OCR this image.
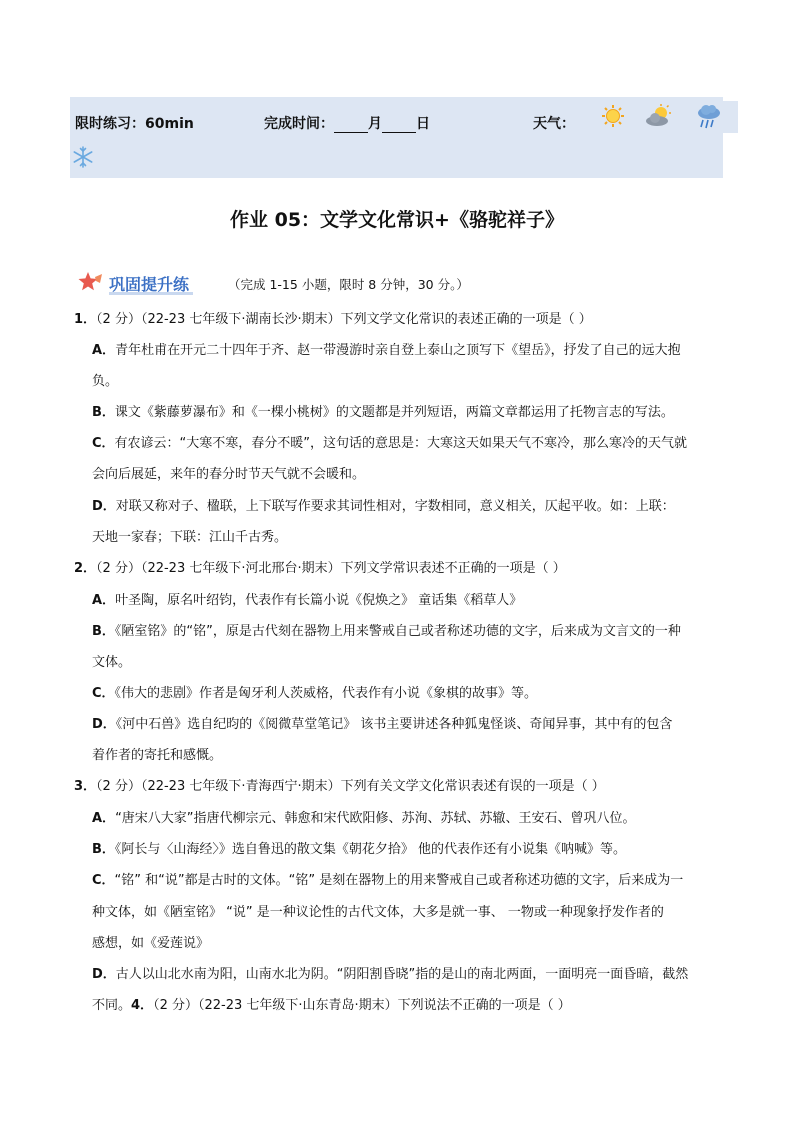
限时练习：60min	完成时间： 月 日	天气：
作业 05：文学文化常识+《骆驼祥子》
巩固提升练	（完成 1-15 小题，限时 8 分钟，30 分。）
1．（2 分）（22-23 七年级下·湖南长沙·期末）下列文学文化常识的表述正确的一项是（ ）
A．青年杜甫在开元二十四年于齐、赵一带漫游时亲自登上泰山之顶写下《望岳》，抒发了自己的远大抱
负。
B．课文《紫藤萝瀑布》和《一棵小桃树》的文题都是并列短语，两篇文章都运用了托物言志的写法。
C．有农谚云：“大寒不寒，春分不暖”，这句话的意思是：大寒这天如果天气不寒冷，那么寒冷的天气就
会向后展延，来年的春分时节天气就不会暖和。
D．对联又称对子、楹联，上下联写作要求其词性相对，字数相同，意义相关，仄起平收。如：上联：
天地一家春；下联：江山千古秀。
2．（2 分）（22-23 七年级下·河北邢台·期末）下列文学常识表述不正确的一项是（ ）
A．叶圣陶，原名叶绍钧，代表作有长篇小说《倪焕之》 童话集《稻草人》
B．《陋室铭》的“铭”，原是古代刻在器物上用来警戒自己或者称述功德的文字，后来成为文言文的一种
文体。
C．《伟大的悲剧》作者是匈牙利人茨威格，代表作有小说《象棋的故事》等。
D．《河中石兽》选自纪昀的《阅微草堂笔记》 该书主要讲述各种狐鬼怪谈、奇闻异事，其中有的包含
着作者的寄托和感慨。
3．（2 分）（22-23 七年级下·青海西宁·期末）下列有关文学文化常识表述有误的一项是（ ）
A．“唐宋八大家”指唐代柳宗元、韩愈和宋代欧阳修、苏洵、苏轼、苏辙、王安石、曾巩八位。
B．《阿长与〈山海经〉》选自鲁迅的散文集《朝花夕拾》 他的代表作还有小说集《呐喊》等。
C．“铭” 和“说”都是古时的文体。“铭” 是刻在器物上的用来警戒自己或者称述功德的文字，后来成为一
种文体，如《陋室铭》 “说” 是一种议论性的古代文体，大多是就一事、 一物或一种现象抒发作者的
感想，如《爱莲说》
D．古人以山北水南为阳，山南水北为阴。“阴阳割昏晓”指的是山的南北两面，一面明亮一面昏暗，截然
不同。4．（2 分）（22-23 七年级下·山东青岛·期末）下列说法不正确的一项是（ ）
